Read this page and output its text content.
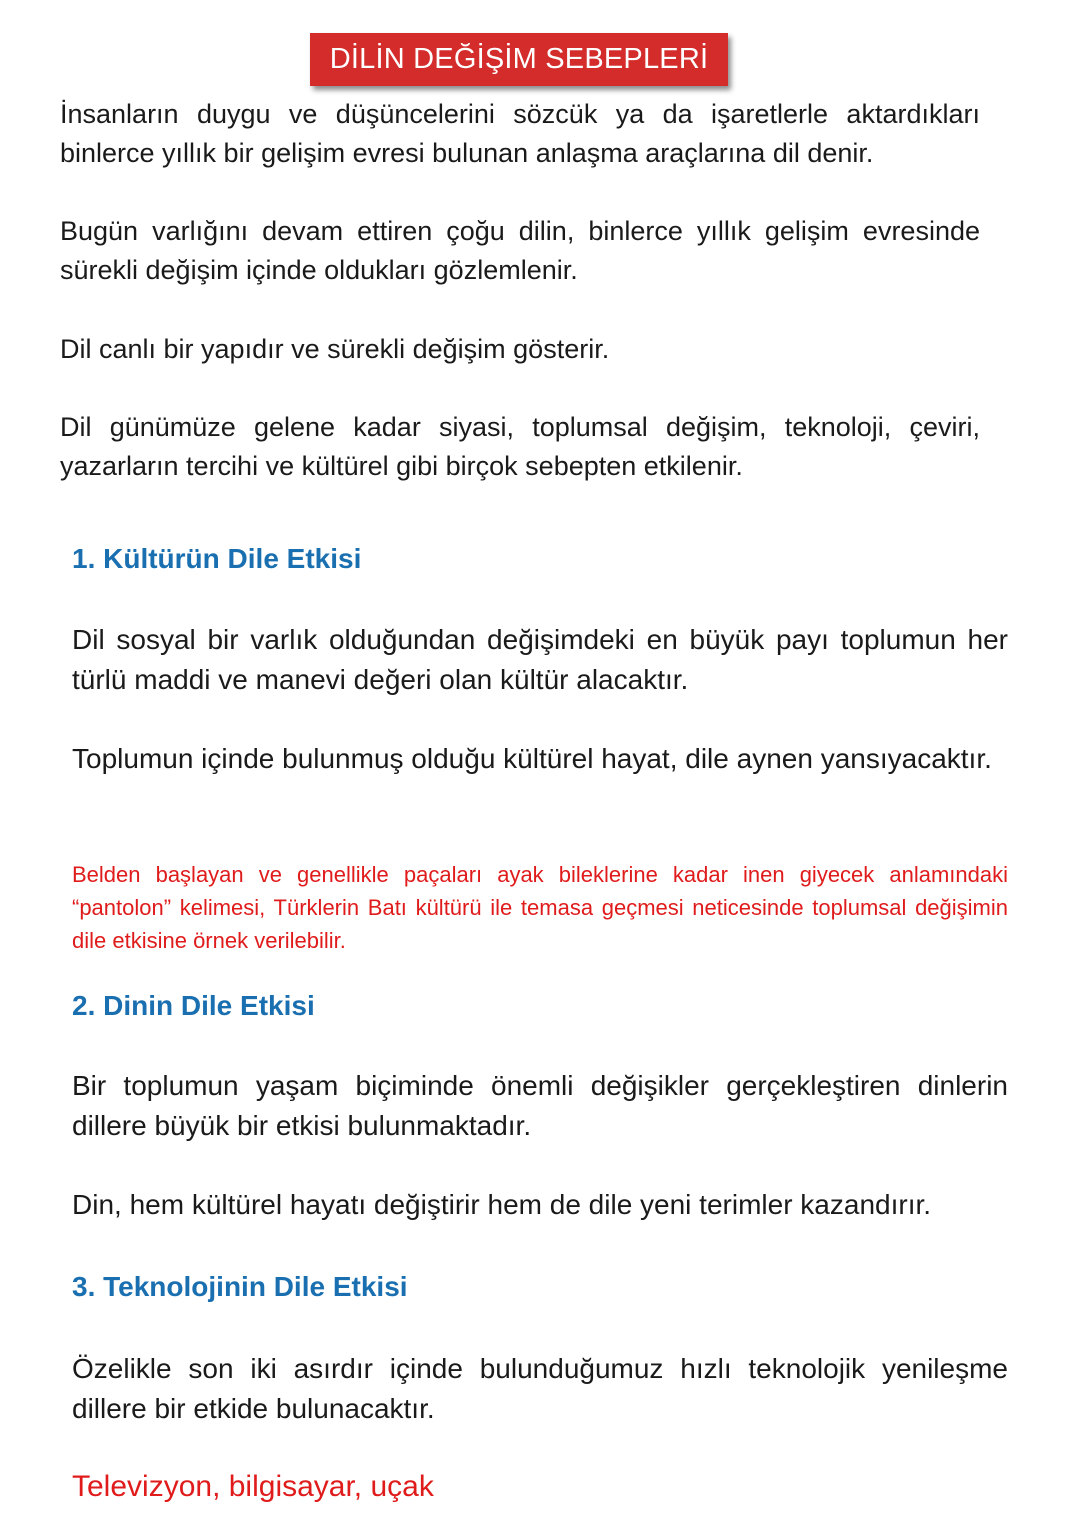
DİLİN DEĞİŞİM SEBEPLERİ

İnsanların duygu ve düşüncelerini sözcük ya da işaretlerle aktardıkları binlerce yıllık bir gelişim evresi bulunan anlaşma araçlarına dil denir.

Bugün varlığını devam ettiren çoğu dilin, binlerce yıllık gelişim evresinde sürekli değişim içinde oldukları gözlemlenir.

Dil canlı bir yapıdır ve sürekli değişim gösterir.

Dil günümüze gelene kadar siyasi, toplumsal değişim, teknoloji, çeviri, yazarların tercihi ve kültürel gibi birçok sebepten etkilenir.

1. Kültürün Dile Etkisi

Dil sosyal bir varlık olduğundan değişimdeki en büyük payı toplumun her türlü maddi ve manevi değeri olan kültür alacaktır.

Toplumun içinde bulunmuş olduğu kültürel hayat, dile aynen yansıyacaktır.

Belden başlayan ve genellikle paçaları ayak bileklerine kadar inen giyecek anlamındaki “pantolon” kelimesi, Türklerin Batı kültürü ile temasa geçmesi neticesinde toplumsal değişimin dile etkisine örnek verilebilir.

2. Dinin Dile Etkisi

Bir toplumun yaşam biçiminde önemli değişikler gerçekleştiren dinlerin dillere büyük bir etkisi bulunmaktadır.

Din, hem kültürel hayatı değiştirir hem de dile yeni terimler kazandırır.

3. Teknolojinin Dile Etkisi

Özelikle son iki asırdır içinde bulunduğumuz hızlı teknolojik yenileşme dillere bir etkide bulunacaktır.

Televizyon, bilgisayar, uçak
